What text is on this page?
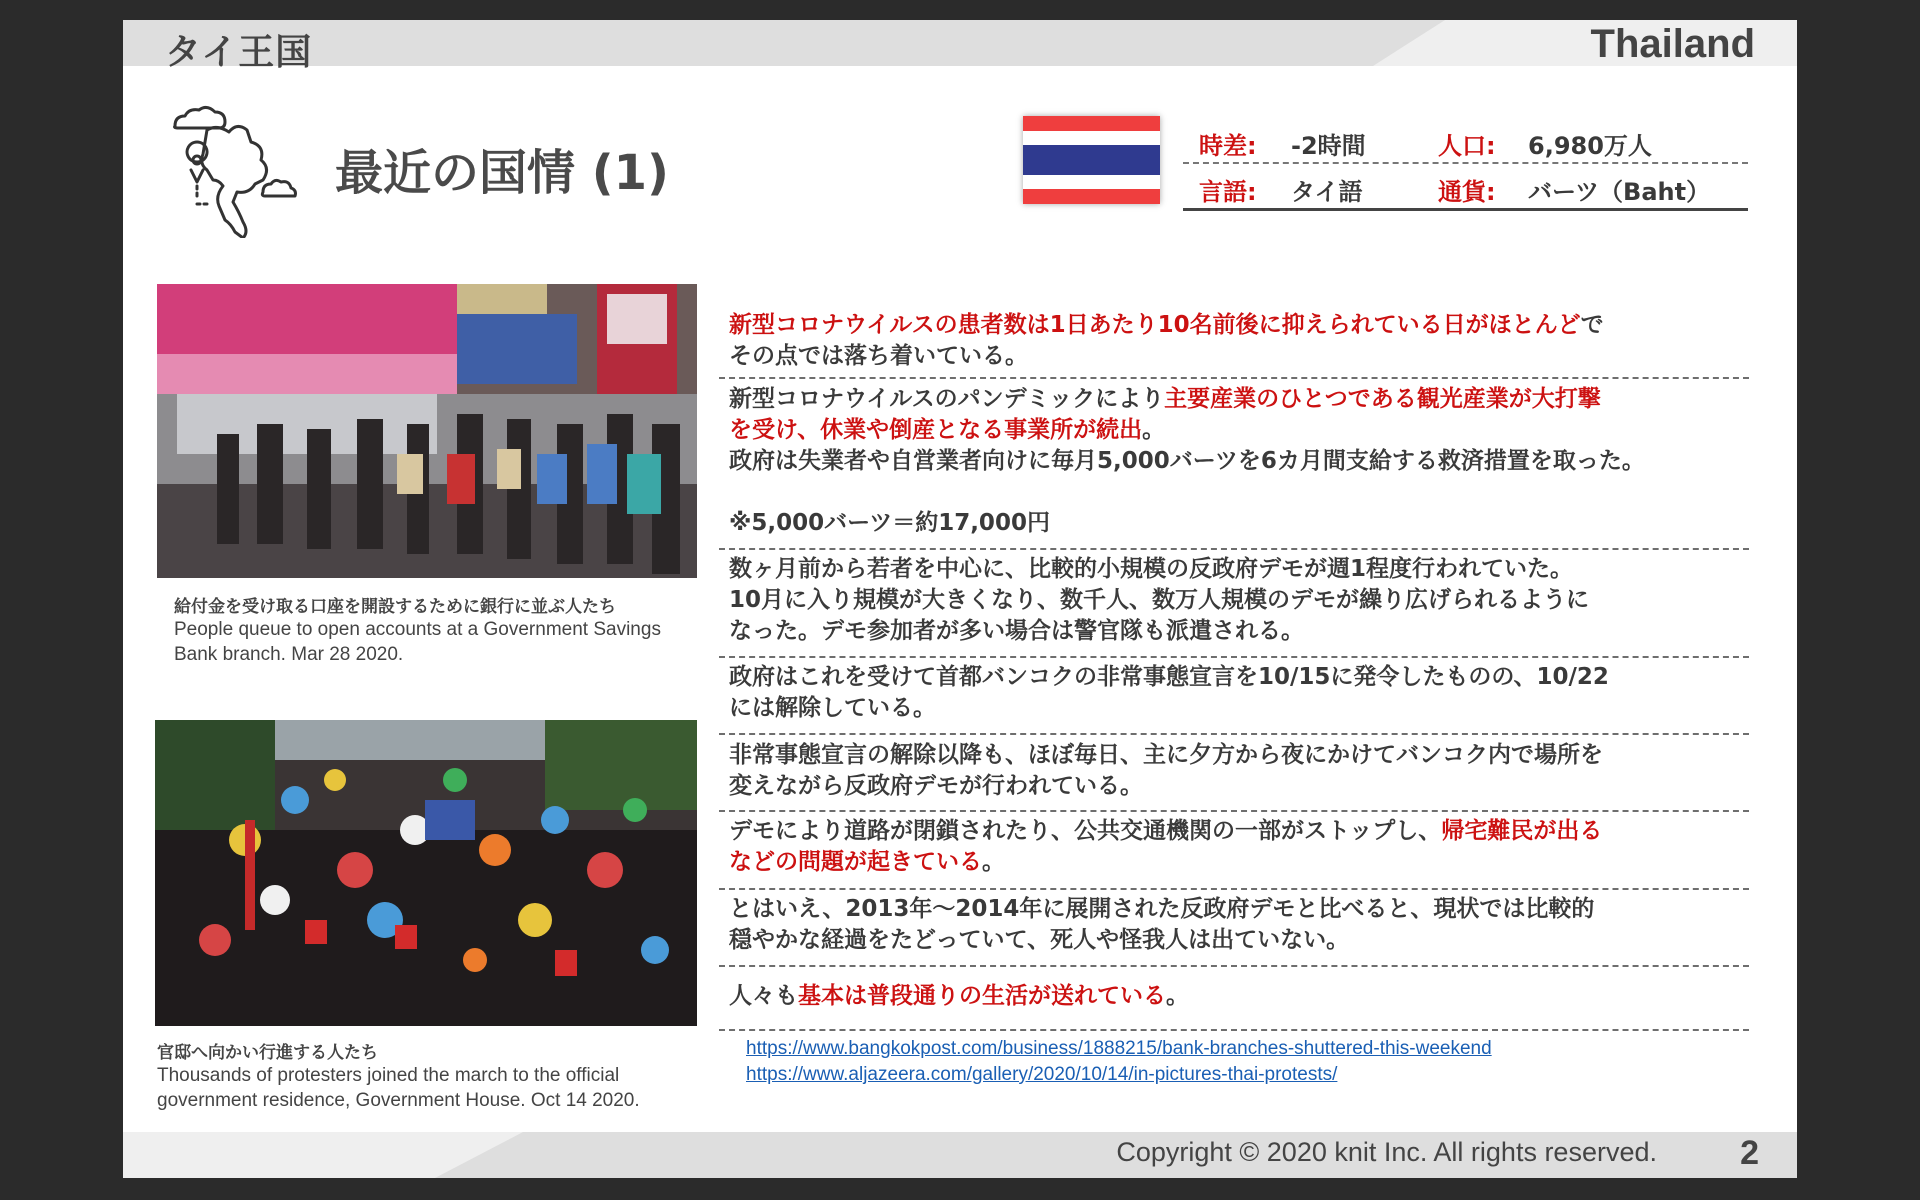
タイ王国	Thailand
最近の国情 (1)	時差: -2時間	人口: 6,980万人
言語: タイ語	通貨: バーツ（Baht）
給付金を受け取る口座を開設するために銀行に並ぶ人たち
People queue to open accounts at a Government Savings
Bank branch. Mar 28 2020.
官邸へ向かい行進する人たち
Thousands of protesters joined the march to the official
government residence, Government House. Oct 14 2020.

新型コロナウイルスの患者数は1日あたり10名前後に抑えられている日がほとんどで

その点では落ち着いている。

新型コロナウイルスのパンデミックにより主要産業のひとつである観光産業が大打撃

を受け、休業や倒産となる事業所が続出。

政府は失業者や自営業者向けに毎月5,000バーツを6カ月間支給する救済措置を取った。

※5,000バーツ＝約17,000円

数ヶ月前から若者を中心に、比較的小規模の反政府デモが週1程度行われていた。

10月に入り規模が大きくなり、数千人、数万人規模のデモが繰り広げられるように

なった。デモ参加者が多い場合は警官隊も派遣される。

政府はこれを受けて首都バンコクの非常事態宣言を10/15に発令したものの、10/22

には解除している。

非常事態宣言の解除以降も、ほぼ毎日、主に夕方から夜にかけてバンコク内で場所を

変えながら反政府デモが行われている。

デモにより道路が閉鎖されたり、公共交通機関の一部がストップし、帰宅難民が出る

などの問題が起きている。

とはいえ、2013年～2014年に展開された反政府デモと比べると、現状では比較的

穏やかな経過をたどっていて、死人や怪我人は出ていない。

人々も基本は普段通りの生活が送れている。

https://www.bangkokpost.com/business/1888215/bank-branches-shuttered-this-weekend
https://www.aljazeera.com/gallery/2020/10/14/in-pictures-thai-protests/
Copyright © 2020 knit Inc. All rights reserved. 2
